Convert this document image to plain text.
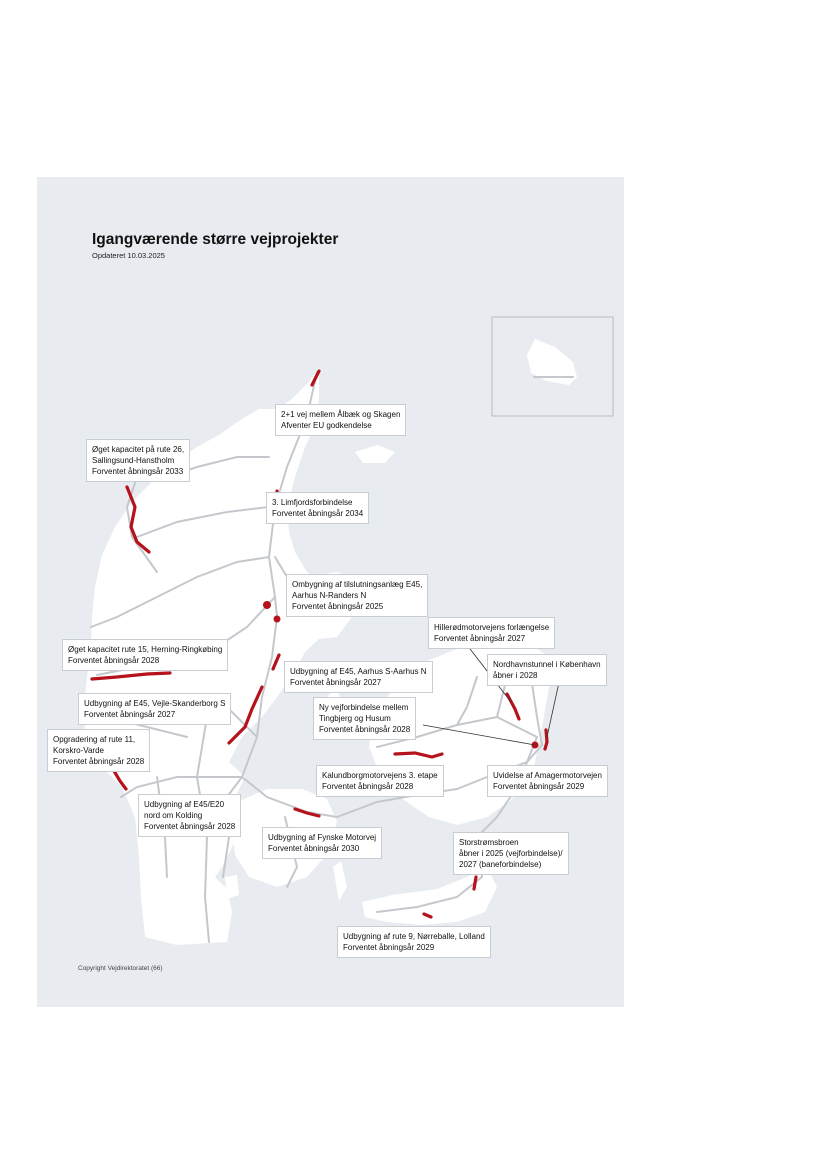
Igangværende større vejprojekter
Opdateret 10.03.2025
2+1 vej mellem Ålbæk og Skagen
Afventer EU godkendelse
Øget kapacitet på rute 26,
Sallingsund-Hanstholm
Forventet åbningsår 2033
3. Limfjordsforbindelse
Forventet åbningsår 2034
Ombygning af tilslutningsanlæg E45,
Aarhus N-Randers N
Forventet åbningsår 2025
Hillerødmotorvejens forlængelse
Forventet åbningsår 2027
Øget kapacitet rute 15, Herning-Ringkøbing
Forventet åbningsår 2028	Nordhavnstunnel i København
åbner i 2028
Udbygning af E45, Aarhus S-Aarhus N
Forventet åbningsår 2027
Udbygning af E45, Vejle-Skanderborg S
Forventet åbningsår 2027
Ny vejforbindelse mellem
Tingbjerg og Husum
Forventet åbningsår 2028
Opgradering af rute 11,
Korskro-Varde
Forventet åbningsår 2028
Kalundborgmotorvejens 3. etape
Forventet åbningsår 2028
Uvidelse af Amagermotorvejen
Forventet åbningsår 2029
Udbygning af E45/E20
nord om Kolding
Forventet åbningsår 2028
Udbygning af Fynske Motorvej
Forventet åbningsår 2030
Storstrømsbroen
åbner i 2025 (vejforbindelse)/
2027 (baneforbindelse)
Udbygning af rute 9, Nørreballe, Lolland
Forventet åbningsår 2029
Copyright Vejdirektoratet (66)
